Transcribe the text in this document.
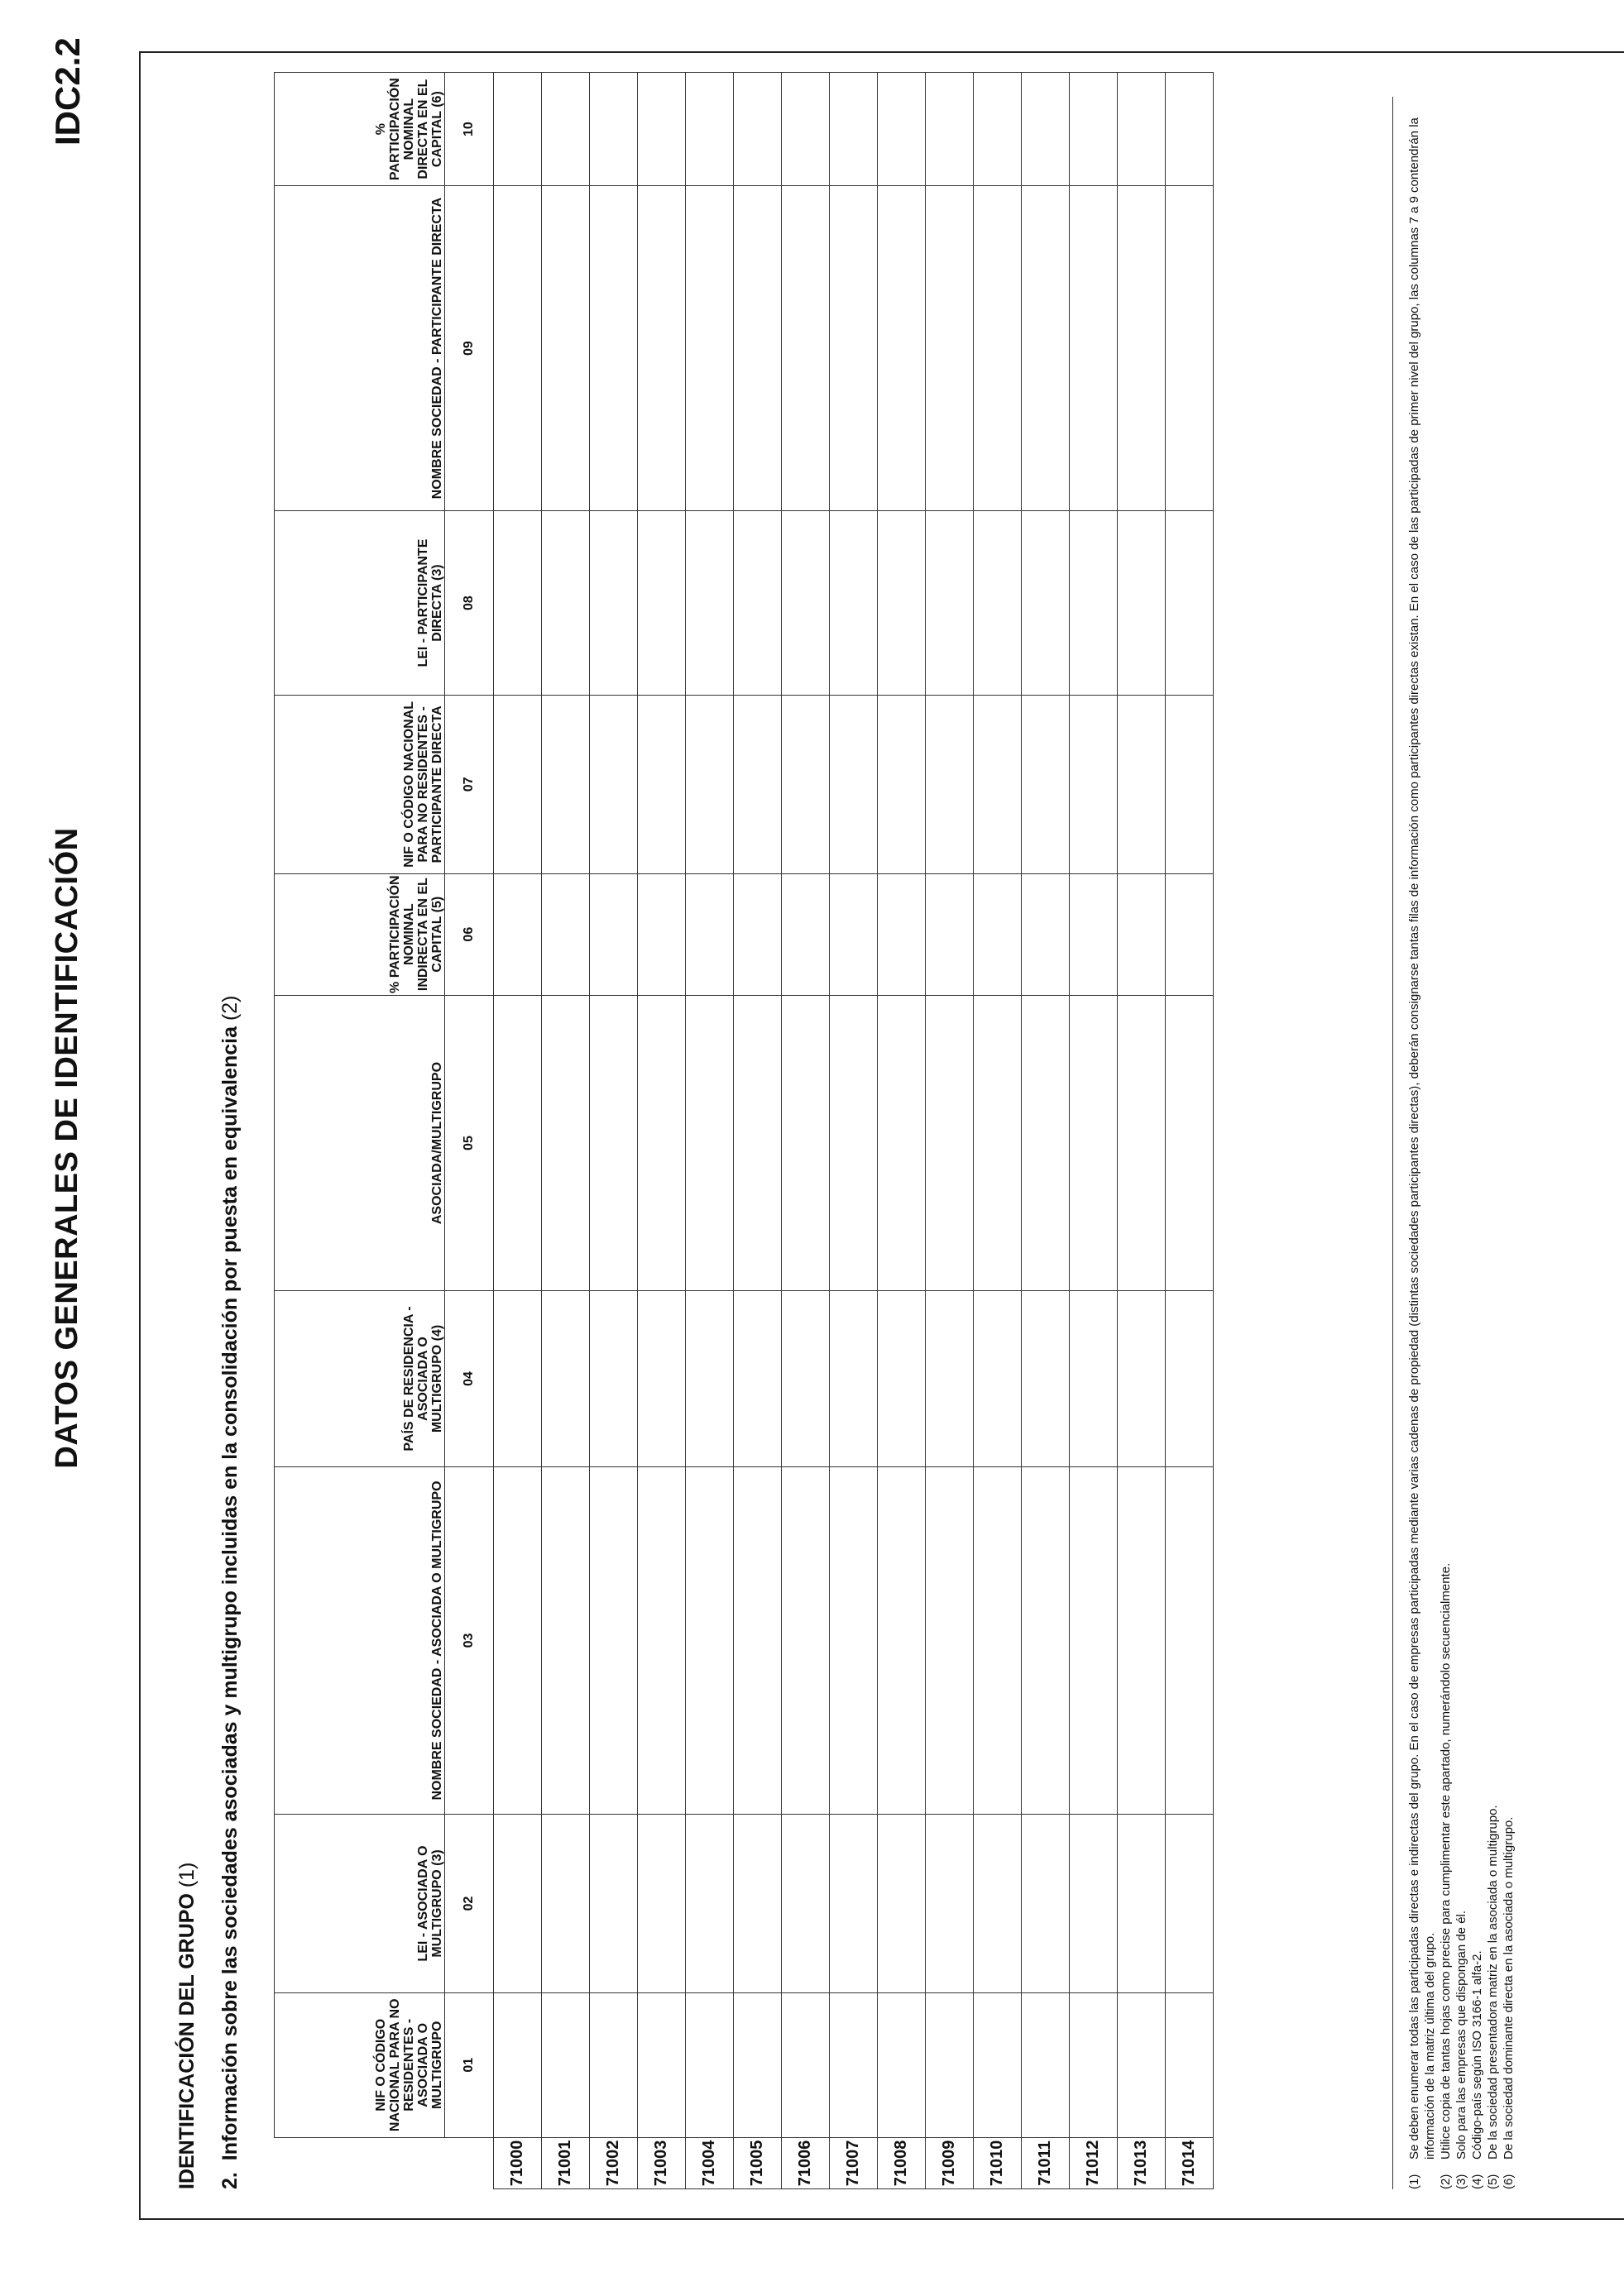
DATOS GENERALES DE IDENTIFICACIÓN
IDC2.2
IDENTIFICACIÓN DEL GRUPO (1)
2.  Información sobre las sociedades asociadas y multigrupo incluidas en la consolidación por puesta en equivalencia (2)
	NIF O CÓDIGO NACIONAL PARA NO RESIDENTES - ASOCIADA O MULTIGRUPO	LEI - ASOCIADA O MULTIGRUPO (3)	NOMBRE SOCIEDAD - ASOCIADA O MULTIGRUPO	PAÍS DE RESIDENCIA - ASOCIADA O MULTIGRUPO (4)	ASOCIADA/MULTIGRUPO	% PARTICIPACIÓN NOMINAL INDIRECTA EN EL CAPITAL (5)	NIF O CÓDIGO NACIONAL PARA NO RESIDENTES - PARTICIPANTE DIRECTA	LEI - PARTICIPANTE DIRECTA (3)	NOMBRE SOCIEDAD - PARTICIPANTE DIRECTA	% PARTICIPACIÓN NOMINAL DIRECTA EN EL CAPITAL (6)
	01	02	03	04	05	06	07	08	09	10
71000										
71001										
71002										
71003										
71004										
71005										
71006										
71007										
71008										
71009										
71010										
71011										
71012										
71013										
71014											(1)
Se deben enumerar todas las participadas directas e indirectas del grupo. En el caso de empresas participadas mediante varias cadenas de propiedad (distintas sociedades participantes directas), deberán consignarse tantas filas de información como participantes directas existan. En el caso de las participadas de primer nivel del grupo, las columnas 7 a 9 contendrán la información de la matriz última del grupo.
(2)
Utilice copia de tantas hojas como precise para cumplimentar este apartado, numerándolo secuencialmente.
(3)
Solo para las empresas que dispongan de él.
(4)
Código-país según ISO 3166-1 alfa-2.
(5)
De la sociedad presentadora matriz en la asociada o multigrupo.
(6)
De la sociedad dominante directa en la asociada o multigrupo.
